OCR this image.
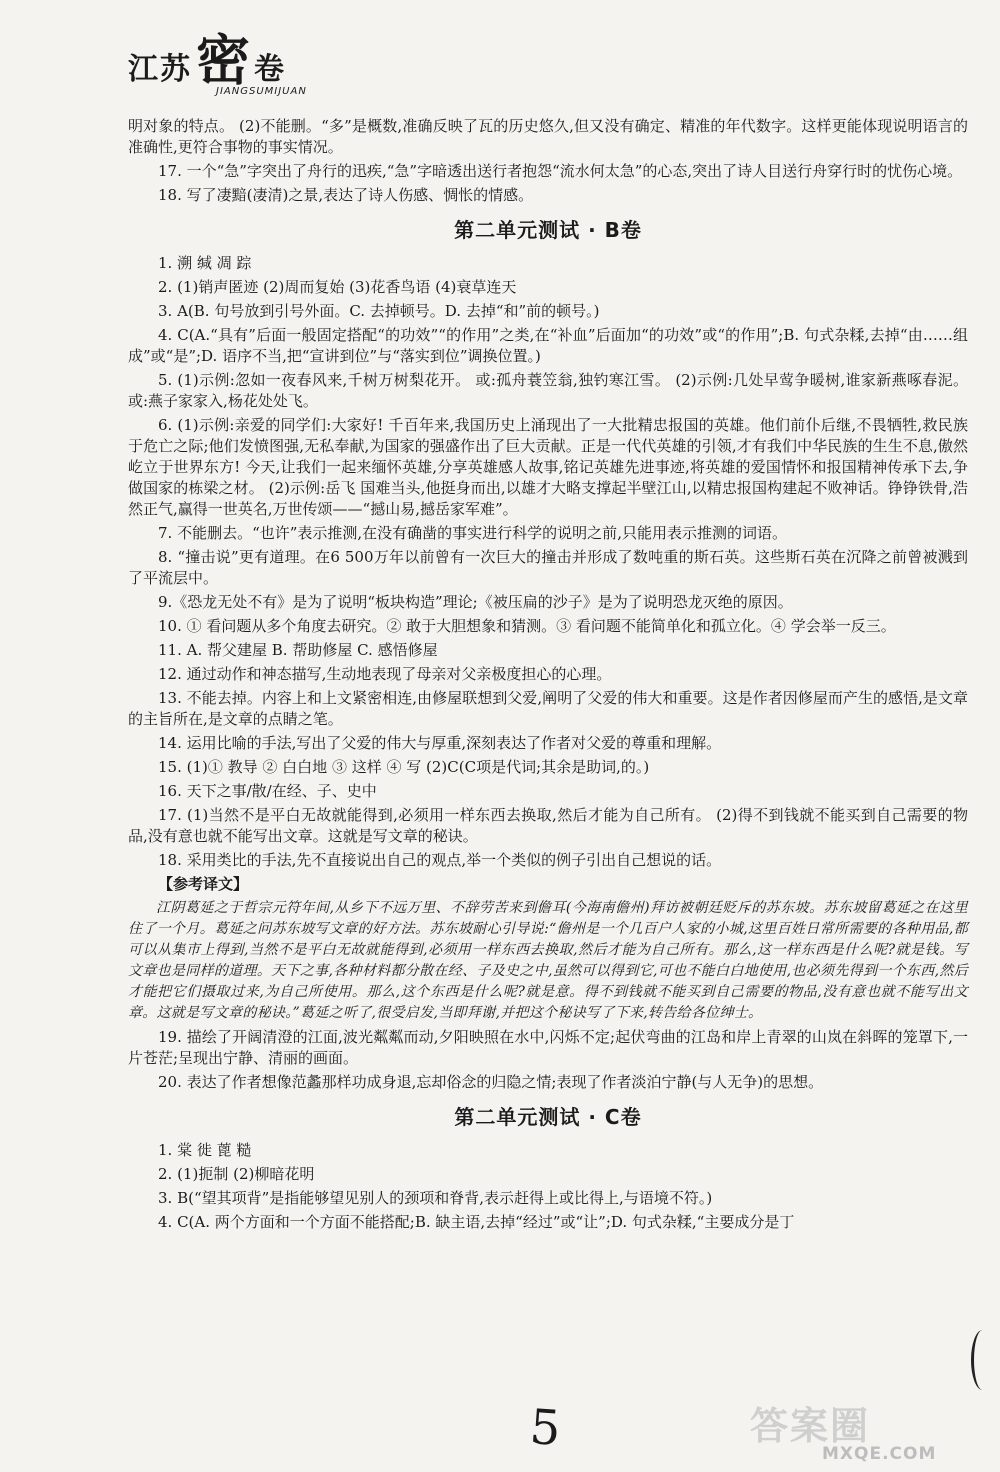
江苏 密 卷
JIANGSUMIJUAN

明对象的特点。 (2)不能删。“多”是概数,准确反映了瓦的历史悠久,但又没有确定、精准的年代数字。这样更能体现说明语言的准确性,更符合事物的事实情况。

17. 一个“急”字突出了舟行的迅疾,“急”字暗透出送行者抱怨“流水何太急”的心态,突出了诗人目送行舟穿行时的忧伤心境。

18. 写了凄黯(凄清)之景,表达了诗人伤感、惆怅的情感。

第二单元测试 · B卷

1. 溯 缄 凋 踪

2. (1)销声匿迹 (2)周而复始 (3)花香鸟语 (4)衰草连天

3. A(B. 句号放到引号外面。C. 去掉顿号。D. 去掉“和”前的顿号。)

4. C(A.“具有”后面一般固定搭配“的功效”“的作用”之类,在“补血”后面加“的功效”或“的作用”;B. 句式杂糅,去掉“由……组成”或“是”;D. 语序不当,把“宣讲到位”与“落实到位”调换位置。)

5. (1)示例:忽如一夜春风来,千树万树梨花开。 或:孤舟蓑笠翁,独钓寒江雪。 (2)示例:几处早莺争暖树,谁家新燕啄春泥。 或:燕子家家入,杨花处处飞。

6. (1)示例:亲爱的同学们:大家好! 千百年来,我国历史上涌现出了一大批精忠报国的英雄。他们前仆后继,不畏牺牲,救民族于危亡之际;他们发愤图强,无私奉献,为国家的强盛作出了巨大贡献。正是一代代英雄的引领,才有我们中华民族的生生不息,傲然屹立于世界东方! 今天,让我们一起来缅怀英雄,分享英雄感人故事,铭记英雄先进事迹,将英雄的爱国情怀和报国精神传承下去,争做国家的栋梁之材。 (2)示例:岳飞 国难当头,他挺身而出,以雄才大略支撑起半壁江山,以精忠报国构建起不败神话。铮铮铁骨,浩然正气,赢得一世英名,万世传颂——“撼山易,撼岳家军难”。

7. 不能删去。“也许”表示推测,在没有确凿的事实进行科学的说明之前,只能用表示推测的词语。

8. “撞击说”更有道理。在6 500万年以前曾有一次巨大的撞击并形成了数吨重的斯石英。这些斯石英在沉降之前曾被溅到了平流层中。

9.《恐龙无处不有》是为了说明“板块构造”理论;《被压扁的沙子》是为了说明恐龙灭绝的原因。

10. ① 看问题从多个角度去研究。② 敢于大胆想象和猜测。③ 看问题不能简单化和孤立化。④ 学会举一反三。

11. A. 帮父建屋 B. 帮助修屋 C. 感悟修屋

12. 通过动作和神态描写,生动地表现了母亲对父亲极度担心的心理。

13. 不能去掉。内容上和上文紧密相连,由修屋联想到父爱,阐明了父爱的伟大和重要。这是作者因修屋而产生的感悟,是文章的主旨所在,是文章的点睛之笔。

14. 运用比喻的手法,写出了父爱的伟大与厚重,深刻表达了作者对父爱的尊重和理解。

15. (1)① 教导 ② 白白地 ③ 这样 ④ 写 (2)C(C项是代词;其余是助词,的。)

16. 天下之事/散/在经、子、史中

17. (1)当然不是平白无故就能得到,必须用一样东西去换取,然后才能为自己所有。 (2)得不到钱就不能买到自己需要的物品,没有意也就不能写出文章。这就是写文章的秘诀。

18. 采用类比的手法,先不直接说出自己的观点,举一个类似的例子引出自己想说的话。

【参考译文】

江阴葛延之于哲宗元符年间,从乡下不远万里、不辞劳苦来到儋耳(今海南儋州)拜访被朝廷贬斥的苏东坡。苏东坡留葛延之在这里住了一个月。葛延之问苏东坡写文章的好方法。苏东坡耐心引导说:“儋州是一个几百户人家的小城,这里百姓日常所需要的各种用品,都可以从集市上得到,当然不是平白无故就能得到,必须用一样东西去换取,然后才能为自己所有。那么,这一样东西是什么呢?就是钱。写文章也是同样的道理。天下之事,各种材料都分散在经、子及史之中,虽然可以得到它,可也不能白白地使用,也必须先得到一个东西,然后才能把它们摄取过来,为自己所使用。那么,这个东西是什么呢?就是意。得不到钱就不能买到自己需要的物品,没有意也就不能写出文章。这就是写文章的秘诀。”葛延之听了,很受启发,当即拜谢,并把这个秘诀写了下来,转告给各位绅士。

19. 描绘了开阔清澄的江面,波光粼粼而动,夕阳映照在水中,闪烁不定;起伏弯曲的江岛和岸上青翠的山岚在斜晖的笼罩下,一片苍茫;呈现出宁静、清丽的画面。

20. 表达了作者想像范蠡那样功成身退,忘却俗念的归隐之情;表现了作者淡泊宁静(与人无争)的思想。

第二单元测试 · C卷

1. 棠 徙 蓖 糙

2. (1)扼制 (2)柳暗花明

3. B(“望其项背”是指能够望见别人的颈项和脊背,表示赶得上或比得上,与语境不符。)

4. C(A. 两个方面和一个方面不能搭配;B. 缺主语,去掉“经过”或“让”;D. 句式杂糅,“主要成分是丁

5	答案圈
MXQE.COM
